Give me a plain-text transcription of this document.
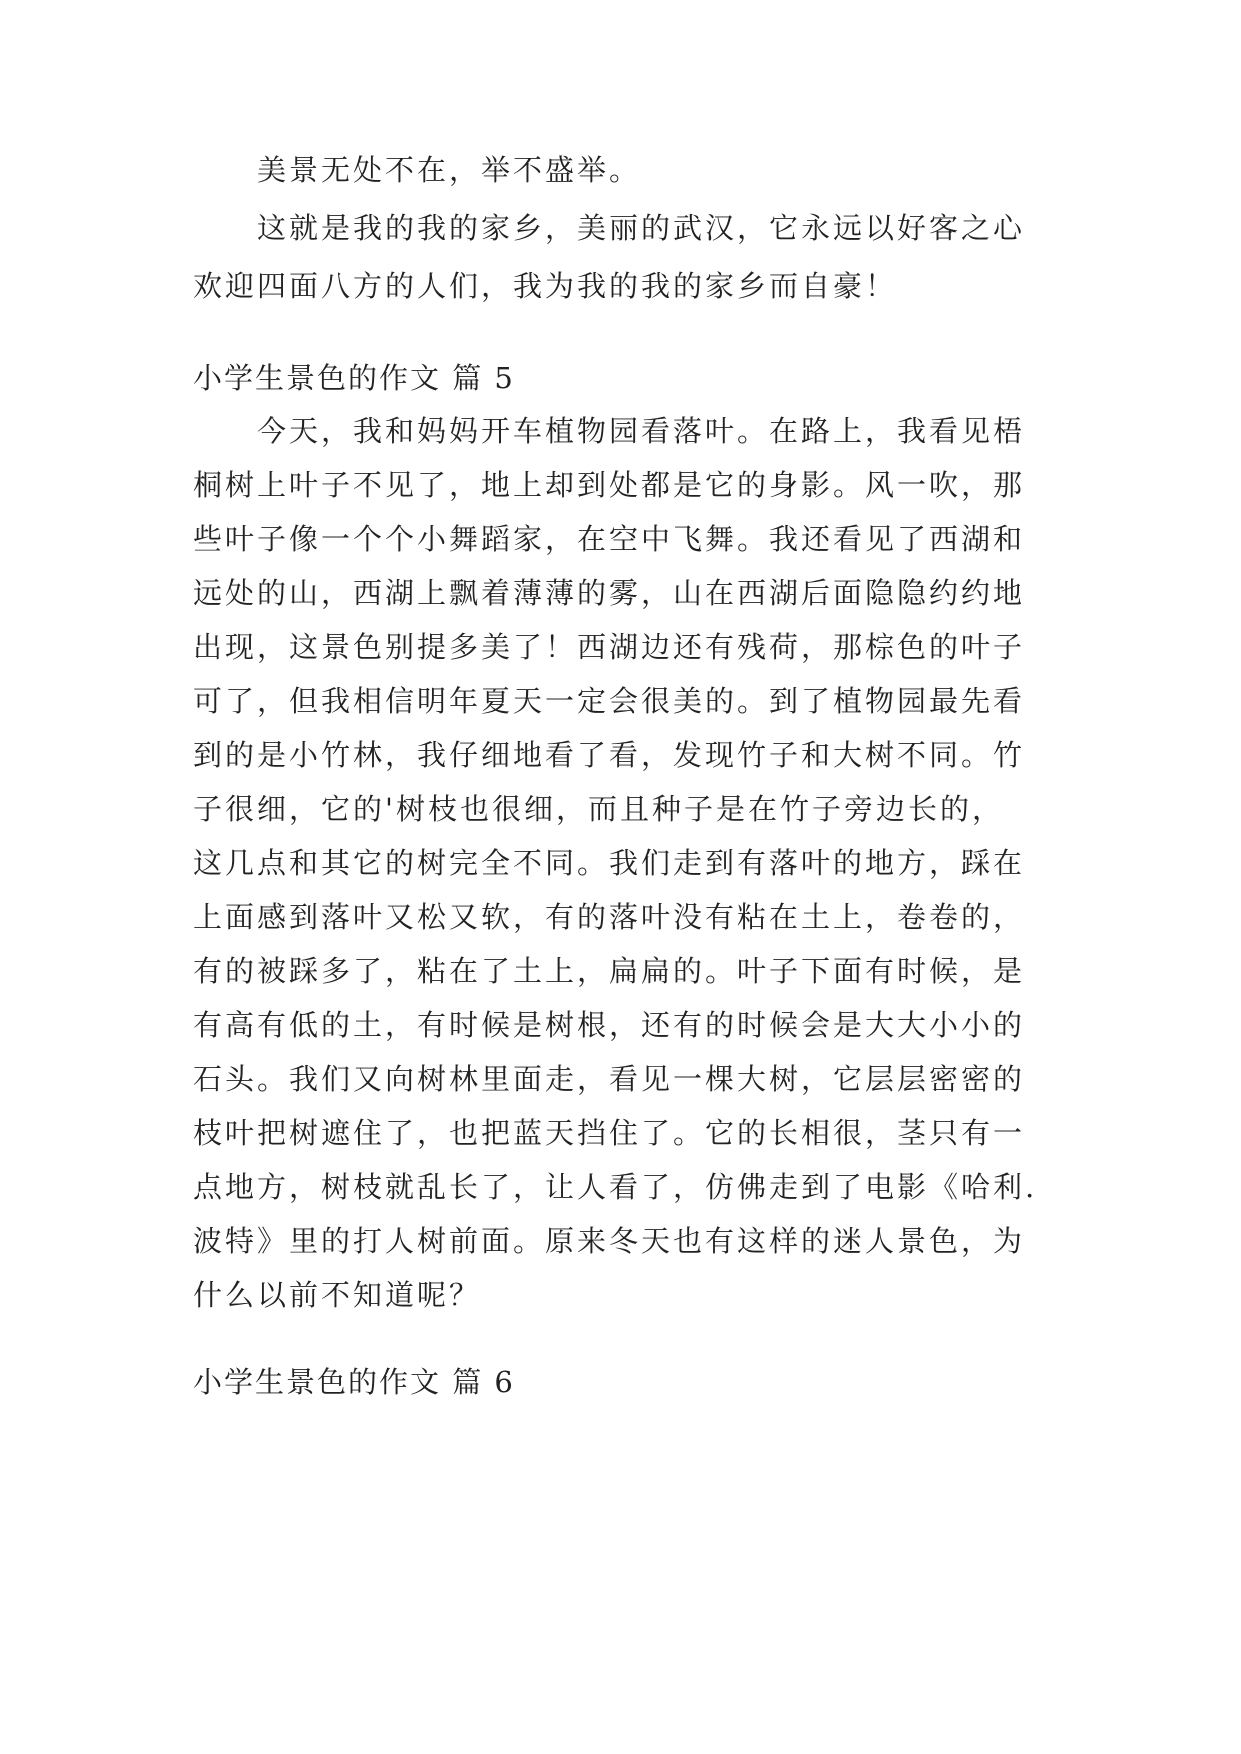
美景无处不在，举不盛举。
这就是我的我的家乡，美丽的武汉，它永远以好客之心
欢迎四面八方的人们，我为我的我的家乡而自豪！
小学生景色的作文 篇 5
今天，我和妈妈开车植物园看落叶。在路上，我看见梧
桐树上叶子不见了，地上却到处都是它的身影。风一吹，那
些叶子像一个个小舞蹈家，在空中飞舞。我还看见了西湖和
远处的山，西湖上飘着薄薄的雾，山在西湖后面隐隐约约地
出现，这景色别提多美了！西湖边还有残荷，那棕色的叶子
可了，但我相信明年夏天一定会很美的。到了植物园最先看
到的是小竹林，我仔细地看了看，发现竹子和大树不同。竹
子很细，它的'树枝也很细，而且种子是在竹子旁边长的，
这几点和其它的树完全不同。我们走到有落叶的地方，踩在
上面感到落叶又松又软，有的落叶没有粘在土上，卷卷的，
有的被踩多了，粘在了土上，扁扁的。叶子下面有时候，是
有高有低的土，有时候是树根，还有的时候会是大大小小的
石头。我们又向树林里面走，看见一棵大树，它层层密密的
枝叶把树遮住了，也把蓝天挡住了。它的长相很，茎只有一
点地方，树枝就乱长了，让人看了，仿佛走到了电影《哈利.
波特》里的打人树前面。原来冬天也有这样的迷人景色，为
什么以前不知道呢？
小学生景色的作文 篇 6
